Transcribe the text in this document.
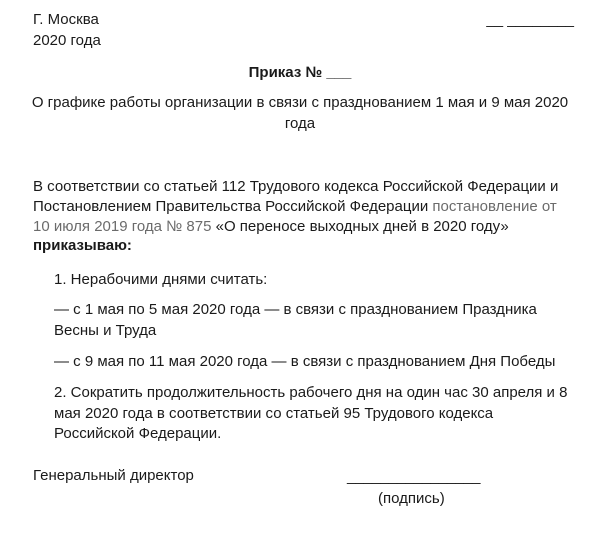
Г. Москва
2020 года
__ ________
Приказ № ___
О графике работы организации в связи с празднованием 1 мая и 9 мая 2020
года
В соответствии со статьей 112 Трудового кодекса Российской Федерации и
Постановлением Правительства Российской Федерации постановление от
10 июля 2019 года № 875 «О переносе выходных дней в 2020 году»
приказываю:
1. Нерабочими днями считать:
— с 1 мая по 5 мая 2020 года — в связи с празднованием Праздника
Весны и Труда
— с 9 мая по 11 мая 2020 года — в связи с празднованием Дня Победы
2. Сократить продолжительность рабочего дня на один час 30 апреля и 8
мая 2020 года в соответствии со статьей 95 Трудового кодекса
Российской Федерации.
Генеральный директор	________________
(подпись)
